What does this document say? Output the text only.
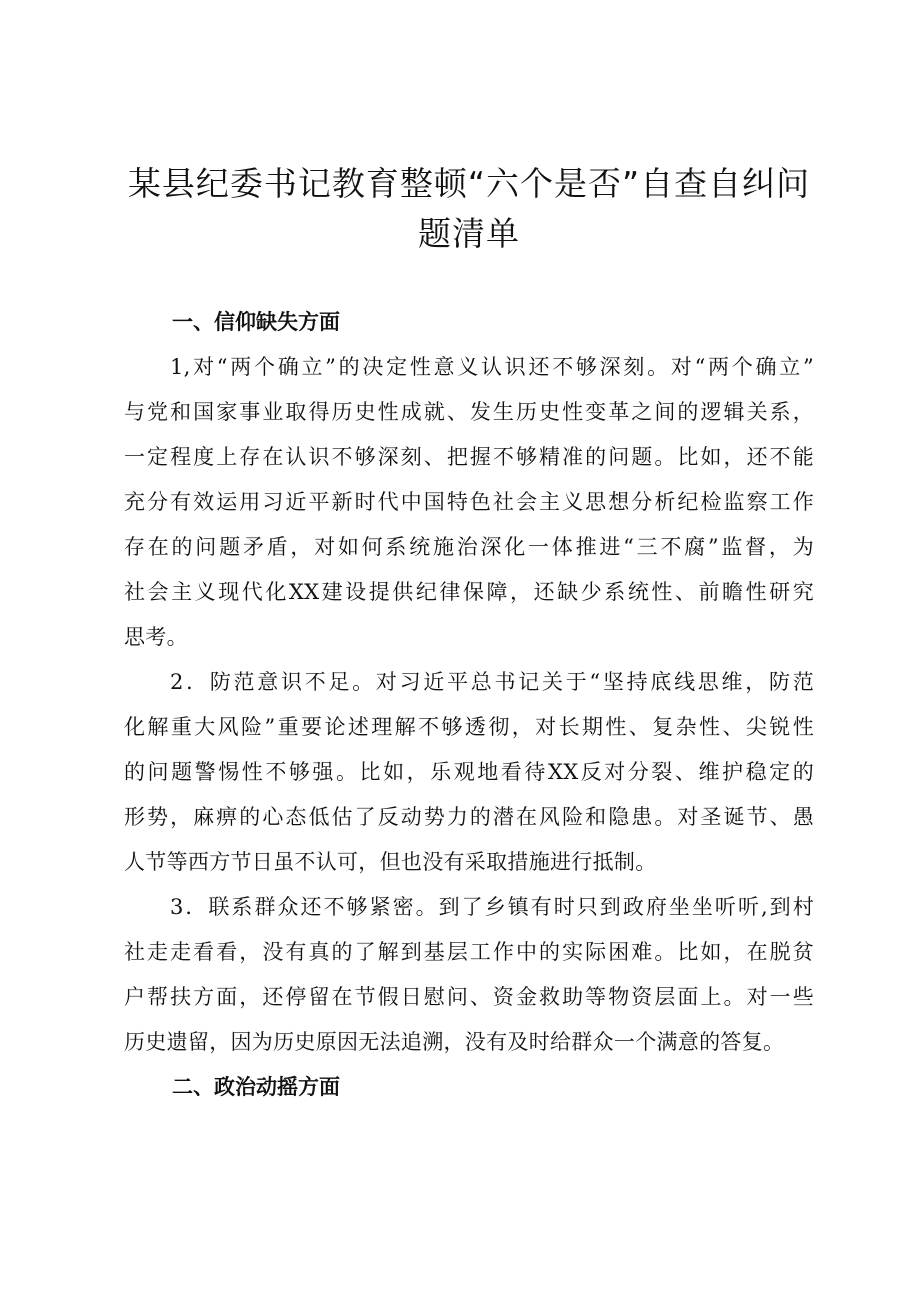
某县纪委书记教育整顿“六个是否”自查自纠问
题清单
一、信仰缺失方面

1,对“两个确立”的决定性意义认识还不够深刻。对“两个确立”

与党和国家事业取得历史性成就、发生历史性变革之间的逻辑关系，

一定程度上存在认识不够深刻、把握不够精准的问题。比如，还不能

充分有效运用习近平新时代中国特色社会主义思想分析纪检监察工作

存在的问题矛盾，对如何系统施治深化一体推进“三不腐”监督，为

社会主义现代化XX建设提供纪律保障，还缺少系统性、前瞻性研究

思考。

2．防范意识不足。对习近平总书记关于“坚持底线思维，防范

化解重大风险”重要论述理解不够透彻，对长期性、复杂性、尖锐性

的问题警惕性不够强。比如，乐观地看待XX反对分裂、维护稳定的

形势，麻痹的心态低估了反动势力的潜在风险和隐患。对圣诞节、愚

人节等西方节日虽不认可，但也没有采取措施进行抵制。

3．联系群众还不够紧密。到了乡镇有时只到政府坐坐听听,到村

社走走看看，没有真的了解到基层工作中的实际困难。比如，在脱贫

户帮扶方面，还停留在节假日慰问、资金救助等物资层面上。对一些

历史遗留，因为历史原因无法追溯，没有及时给群众一个满意的答复。

二、政治动摇方面
